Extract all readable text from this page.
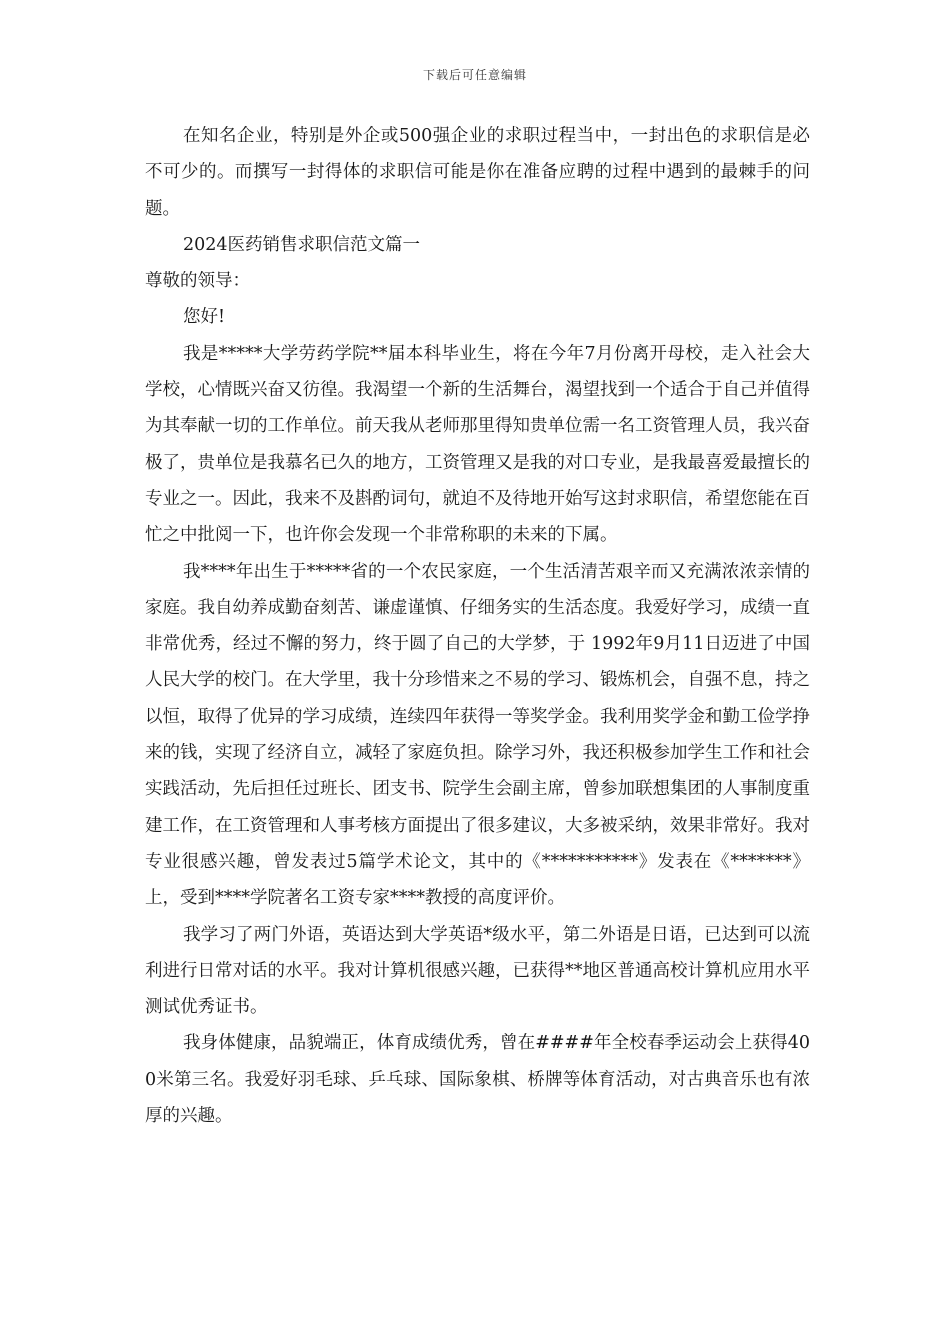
下载后可任意编辑

在知名企业，特别是外企或500强企业的求职过程当中，一封出色的求职信是必不可少的。而撰写一封得体的求职信可能是你在准备应聘的过程中遇到的最棘手的问题。

2024医药销售求职信范文篇一

尊敬的领导：

您好!

我是*****大学劳药学院**届本科毕业生，将在今年7月份离开母校，走入社会大学校，心情既兴奋又彷徨。我渴望一个新的生活舞台，渴望找到一个适合于自己并值得为其奉献一切的工作单位。前天我从老师那里得知贵单位需一名工资管理人员，我兴奋极了，贵单位是我慕名已久的地方，工资管理又是我的对口专业，是我最喜爱最擅长的专业之一。因此，我来不及斟酌词句，就迫不及待地开始写这封求职信，希望您能在百忙之中批阅一下，也许你会发现一个非常称职的未来的下属。

我****年出生于*****省的一个农民家庭，一个生活清苦艰辛而又充满浓浓亲情的家庭。我自幼养成勤奋刻苦、谦虚谨慎、仔细务实的生活态度。我爱好学习，成绩一直非常优秀，经过不懈的努力，终于圆了自己的大学梦，于 1992年9月11日迈进了中国人民大学的校门。在大学里，我十分珍惜来之不易的学习、锻炼机会，自强不息，持之以恒，取得了优异的学习成绩，连续四年获得一等奖学金。我利用奖学金和勤工俭学挣来的钱，实现了经济自立，减轻了家庭负担。除学习外，我还积极参加学生工作和社会实践活动，先后担任过班长、团支书、院学生会副主席，曾参加联想集团的人事制度重建工作，在工资管理和人事考核方面提出了很多建议，大多被采纳，效果非常好。我对专业很感兴趣，曾发表过5篇学术论文，其中的《***********》发表在《*******》上，受到****学院著名工资专家****教授的高度评价。

我学习了两门外语，英语达到大学英语*级水平，第二外语是日语，已达到可以流利进行日常对话的水平。我对计算机很感兴趣，已获得**地区普通高校计算机应用水平测试优秀证书。

我身体健康，品貌端正，体育成绩优秀，曾在####年全校春季运动会上获得400米第三名。我爱好羽毛球、乒乓球、国际象棋、桥牌等体育活动，对古典音乐也有浓厚的兴趣。
